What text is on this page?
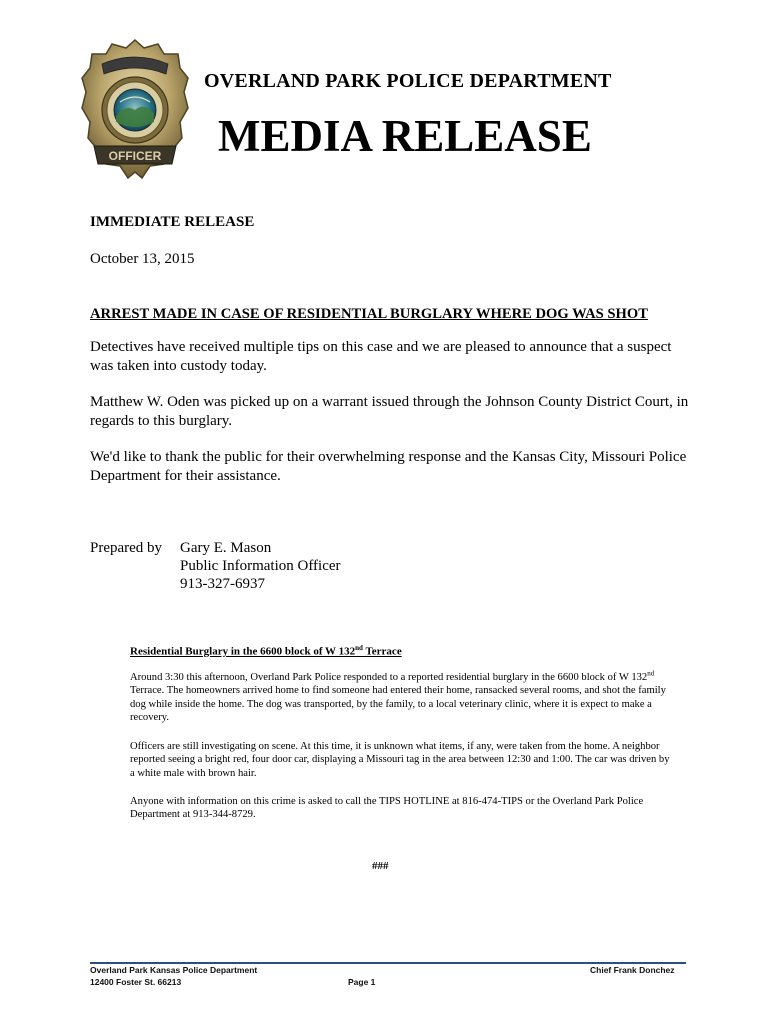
OFFICER
OVERLAND PARK POLICE DEPARTMENT
MEDIA RELEASE
IMMEDIATE RELEASE
October 13, 2015
ARREST MADE IN CASE OF RESIDENTIAL BURGLARY WHERE DOG WAS SHOT
Detectives have received multiple tips on this case and we are pleased to announce that a suspect was taken into custody today.
Matthew W. Oden was picked up on a warrant issued through the Johnson County District Court, in regards to this burglary.
We'd like to thank the public for their overwhelming response and the Kansas City, Missouri Police Department for their assistance.
Prepared by Gary E. Mason
Public Information Officer
913-327-6937
Residential Burglary in the 6600 block of W 132nd Terrace
Around 3:30 this afternoon, Overland Park Police responded to a reported residential burglary in the 6600 block of W 132nd Terrace. The homeowners arrived home to find someone had entered their home, ransacked several rooms, and shot the family dog while inside the home. The dog was transported, by the family, to a local veterinary clinic, where it is expect to make a recovery.
Officers are still investigating on scene. At this time, it is unknown what items, if any, were taken from the home. A neighbor reported seeing a bright red, four door car, displaying a Missouri tag in the area between 12:30 and 1:00. The car was driven by a white male with brown hair.
Anyone with information on this crime is asked to call the TIPS HOTLINE at 816-474-TIPS or the Overland Park Police Department at 913-344-8729.
###
Overland Park Kansas Police Department
12400 Foster St. 66213	Page 1
Chief Frank Donchez
